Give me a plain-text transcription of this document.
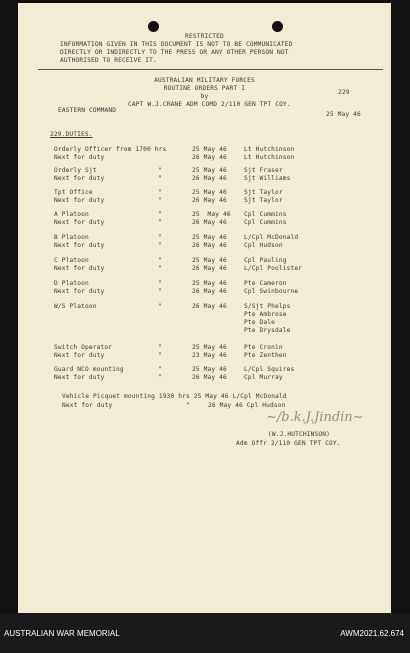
RESTRICTED
INFORMATION GIVEN IN THIS DOCUMENT IS NOT TO BE COMMUNICATED
DIRECTLY OR INDIRECTLY TO THE PRESS OR ANY OTHER PERSON NOT
AUTHORISED TO RECEIVE IT.
AUSTRALIAN MILITARY FORCES
ROUTINE ORDERS PART I
by
CAPT W.J.CRANE ADM COMD 2/110 GEN TPT COY.
229
EASTERN COMMAND
25 May 46
229.DUTIES.
Orderly Officer from 1700 hrs	25 May 46	Lt Hutchinson
Next for duty	26 May 46	Lt Hutchinson
Orderly Sjt	"	25 May 46	Sjt Fraser
Next for duty	"	26 May 46	Sjt Williams
Tpt Office	"	25 May 46	Sjt Taylor
Next for duty	"	26 May 46	Sjt Taylor
A Platoon	"	25  May 46 Cpl Cummins
Next for duty	"	26 May 46	Cpl Cummins
B Platoon	"	25 May 46	L/Cpl McDonald
Next for duty	"	26 May 46	Cpl Hudson
C Platoon	"	25 May 46	Cpl Pauling
Next for duty	"	26 May 46	L/Cpl Poolister
D Platoon	"	25 May 46	Pte Cameron
Next for duty	"	26 May 46	Cpl Swinbourne
W/S Platoon	"	26 May 46	S/Sjt Phelps
Pte Ambrose
Pte Dale
Pte Drysdale
Switch Operator	"	25 May 46	Pte Cronin
Next for duty	"	23 May 46	Pte Zenthen
Guard NCO mounting	"	25 May 46	L/Cpl Squires
Next for duty	"	26 May 46	Cpl Murray
Vehicle Picquet mounting 1930 hrs 25 May 46 L/Cpl McDonald
Next for duty	"	26 May 46 Cpl Hudson
~/b.k.J.Jindin~
(W.J.HUTCHINSON)
Adm Offr 2/110 GEN TPT COY.
AUSTRALIAN WAR MEMORIAL	AWM2021.62.674
